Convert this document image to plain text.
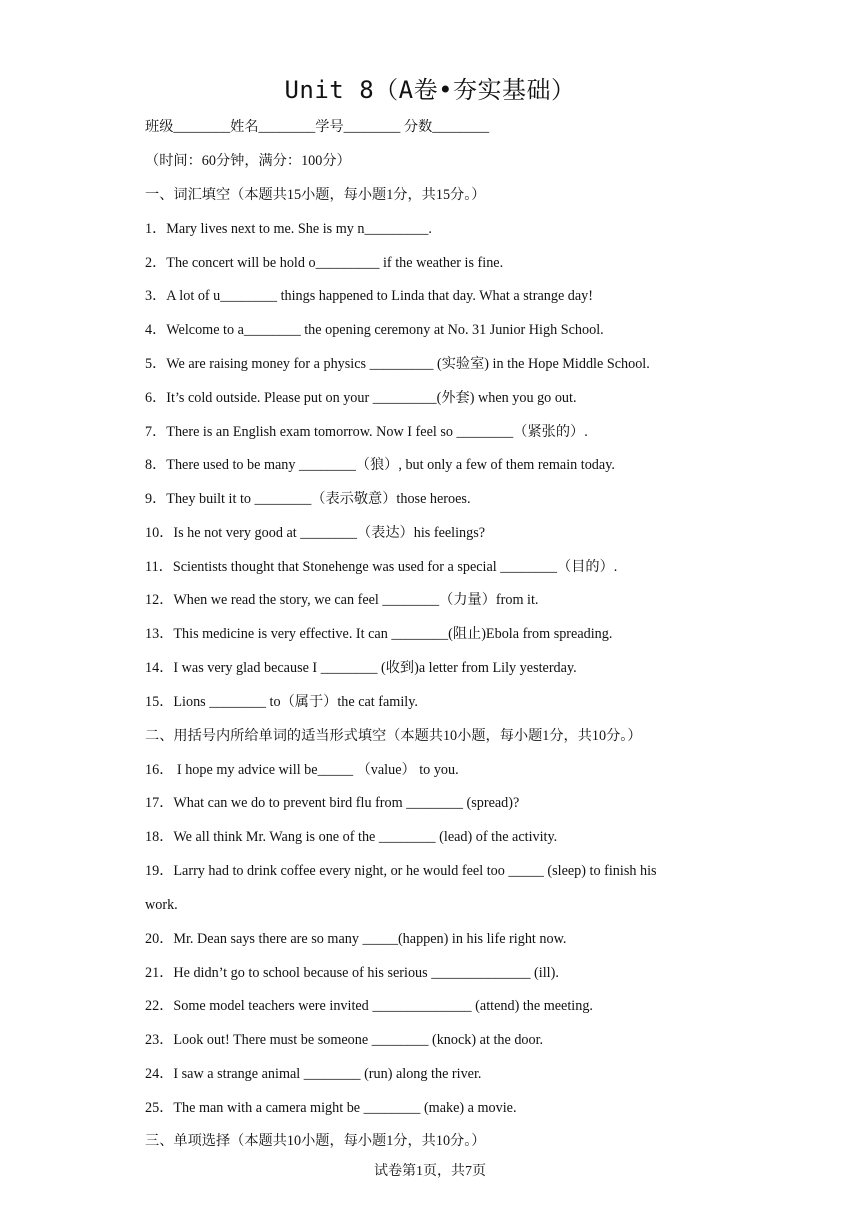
Unit 8（A卷•夯实基础）
班级________姓名________学号________ 分数________
（时间：60分钟，满分：100分）
一、词汇填空（本题共15小题，每小题1分，共15分。）
1．Mary lives next to me. She is my n_________.
2．The concert will be hold o_________ if the weather is fine.
3．A lot of u________ things happened to Linda that day. What a strange day!
4．Welcome to a________ the opening ceremony at No. 31 Junior High School.
5．We are raising money for a physics _________ (实验室) in the Hope Middle School.
6．It’s cold outside. Please put on your _________(外套) when you go out.
7．There is an English exam tomorrow. Now I feel so ________（紧张的）.
8．There used to be many ________（狼）, but only a few of them remain today.
9．They built it to ________（表示敬意）those heroes.
10．Is he not very good at ________（表达）his feelings?
11．Scientists thought that Stonehenge was used for a special ________（目的）.
12．When we read the story, we can feel ________（力量）from it.
13．This medicine is very effective. It can ________(阻止)Ebola from spreading.
14．I was very glad because I ________ (收到)a letter from Lily yesterday.
15．Lions ________ to（属于）the cat family.
二、用括号内所给单词的适当形式填空（本题共10小题，每小题1分，共10分。）
16． I hope my advice will be_____ （value） to you.
17．What can we do to prevent bird flu from ________ (spread)?
18．We all think Mr. Wang is one of the ________ (lead) of the activity.
19．Larry had to drink coffee every night, or he would feel too _____ (sleep) to finish his
work.
20．Mr. Dean says there are so many _____(happen) in his life right now.
21．He didn’t go to school because of his serious ______________ (ill).
22．Some model teachers were invited ______________ (attend) the meeting.
23．Look out! There must be someone ________ (knock) at the door.
24．I saw a strange animal ________ (run) along the river.
25．The man with a camera might be ________ (make) a movie.
三、单项选择（本题共10小题，每小题1分，共10分。）
试卷第1页，共7页
